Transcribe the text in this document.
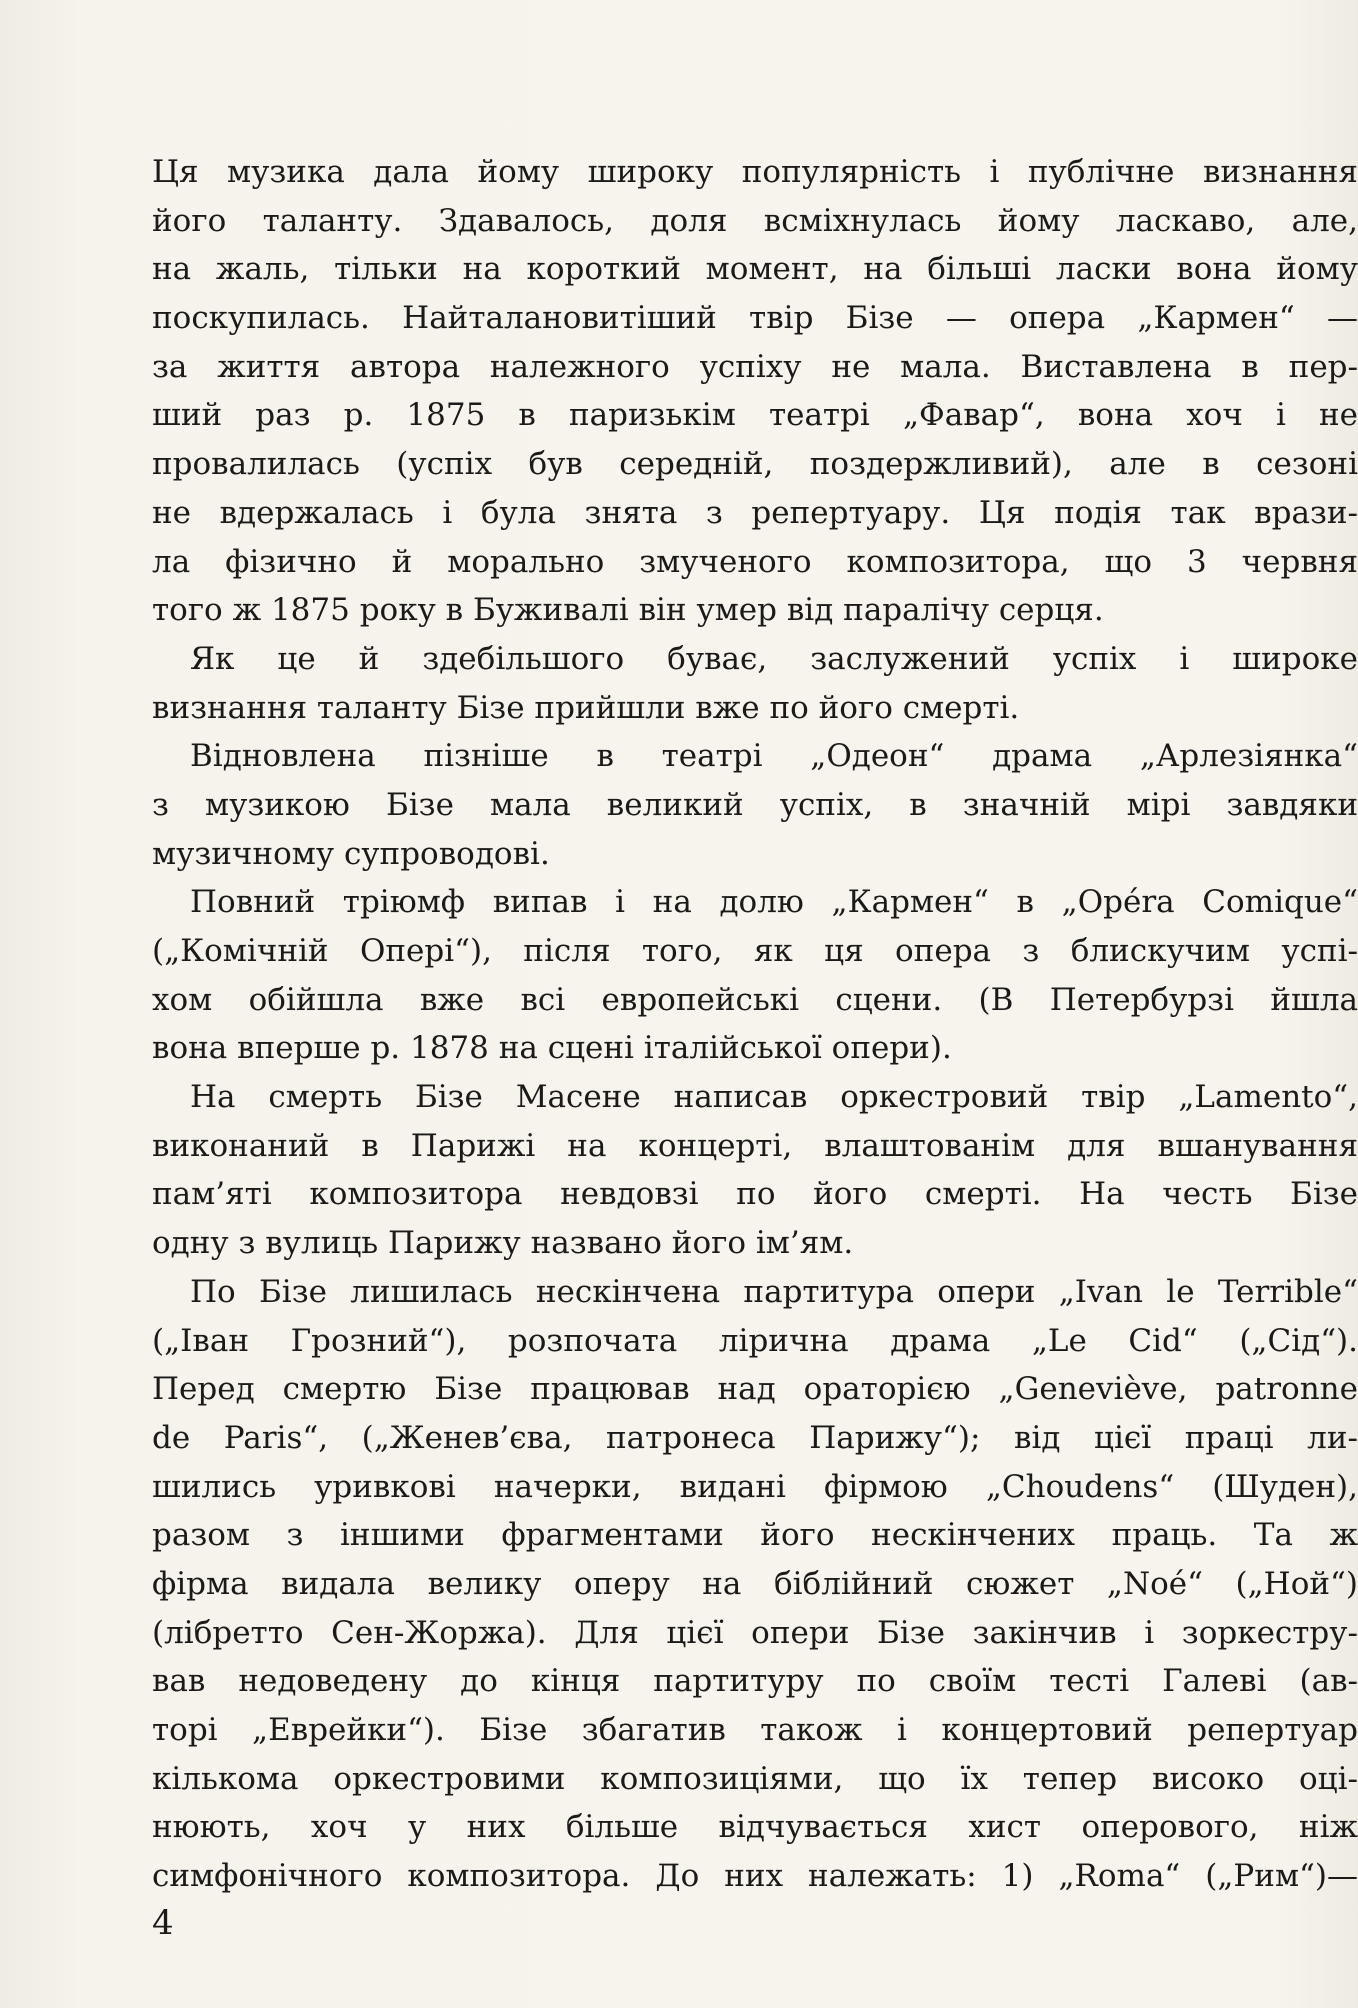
Ця музика дала йому широку популярність і публічне визнання
його таланту. Здавалось, доля всміхнулась йому ласкаво, але,
на жаль, тільки на короткий момент, на більші ласки вона йому
поскупилась. Найталановитіший твір Бізе — опера „Кармен“ —
за життя автора належного успіху не мала. Виставлена в пер-
ший раз р. 1875 в паризькім театрі „Фавар“, вона хоч і не
провалилась (успіх був середній, поздержливий), але в сезоні
не вдержалась і була знята з репертуару. Ця подія так врази-
ла фізично й морально змученого композитора, що 3 червня
того ж 1875 року в Буживалі він умер від паралічу серця.
Як це й здебільшого буває, заслужений успіх і широке
визнання таланту Бізе прийшли вже по його смерті.
Відновлена пізніше в театрі „Одеон“ драма „Арлезіянка“
з музикою Бізе мала великий успіх, в значній мірі завдяки
музичному супроводові.
Повний тріюмф випав і на долю „Кармен“ в „Opéra Comique“
(„Комічній Опері“), після того, як ця опера з блискучим успі-
хом обійшла вже всі европейські сцени. (В Петербурзі йшла
вона вперше р. 1878 на сцені італійської опери).
На смерть Бізе Масене написав оркестровий твір „Lamento“,
виконаний в Парижі на концерті, влаштованім для вшанування
пам’яті композитора невдовзі по його смерті. На честь Бізе
одну з вулиць Парижу названо його ім’ям.
По Бізе лишилась нескінчена партитура опери „Ivan le Terrible“
(„Іван Грозний“), розпочата лірична драма „Le Cid“ („Сід“).
Перед смертю Бізе працював над ораторією „Geneviève, patronne
de Paris“, („Женев’єва, патронеса Парижу“); від цієї праці ли-
шились уривкові начерки, видані фірмою „Choudens“ (Шуден),
разом з іншими фрагментами його нескінчених праць. Та ж
фірма видала велику оперу на біблійний сюжет „Noé“ („Ной“)
(лібретто Сен-Жоржа). Для цієї опери Бізе закінчив і зоркестру-
вав недоведену до кінця партитуру по своїм тесті Галеві (ав-
торі „Еврейки“). Бізе збагатив також і концертовий репертуар
кількома оркестровими композиціями, що їх тепер високо оці-
нюють, хоч у них більше відчувається хист оперового, ніж
симфонічного композитора. До них належать: 1) „Roma“ („Рим“)—
4
